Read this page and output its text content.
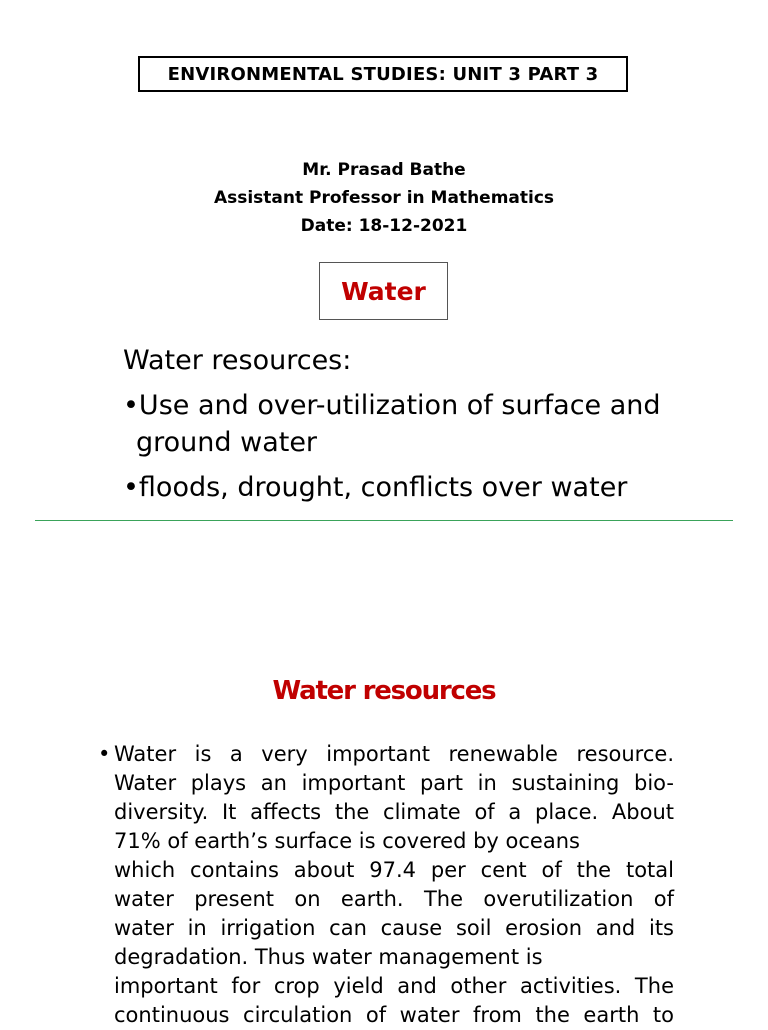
ENVIRONMENTAL STUDIES: UNIT 3 PART 3
Mr. Prasad Bathe
Assistant Professor in Mathematics
Date: 18-12-2021
Water
Water resources:
•Use and over-utilization of surface and ground water
•floods, drought, conflicts over water
Water resources
• Water is a very important renewable resource.
Water plays an important part in sustaining bio-
diversity. It affects the climate of a place. About
71% of earth’s surface is covered by oceans
which contains about 97.4 per cent of the total
water present on earth. The overutilization of
water in irrigation can cause soil erosion and its
degradation. Thus water management is
important for crop yield and other activities. The
continuous circulation of water from the earth to
